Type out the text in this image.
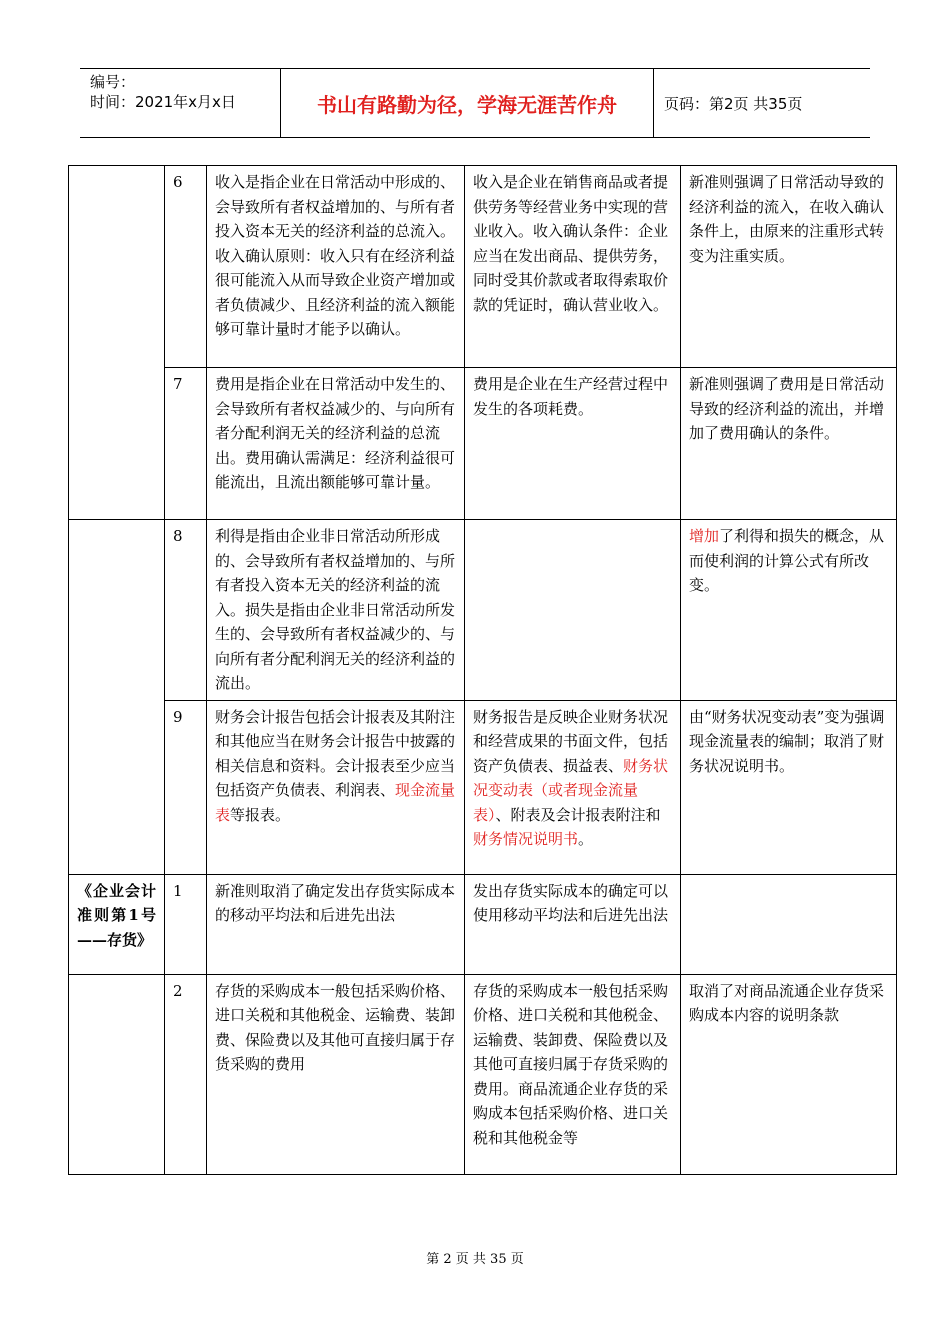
编号：
时间：2021年x月x日	书山有路勤为径，学海无涯苦作舟	页码：第2页 共35页
	6	收入是指企业在日常活动中形成的、会导致所有者权益增加的、与所有者投入资本无关的经济利益的总流入。收入确认原则：收入只有在经济利益很可能流入从而导致企业资产增加或者负债减少、且经济利益的流入额能够可靠计量时才能予以确认。	收入是企业在销售商品或者提供劳务等经营业务中实现的营业收入。收入确认条件：企业应当在发出商品、提供劳务，同时受其价款或者取得索取价款的凭证时，确认营业收入。	新准则强调了日常活动导致的经济利益的流入，在收入确认条件上，由原来的注重形式转变为注重实质。
	7	费用是指企业在日常活动中发生的、会导致所有者权益减少的、与向所有者分配利润无关的经济利益的总流出。费用确认需满足：经济利益很可能流出，且流出额能够可靠计量。	费用是企业在生产经营过程中发生的各项耗费。	新准则强调了费用是日常活动导致的经济利益的流出，并增加了费用确认的条件。
	8	利得是指由企业非日常活动所形成的、会导致所有者权益增加的、与所有者投入资本无关的经济利益的流入。损失是指由企业非日常活动所发生的、会导致所有者权益减少的、与向所有者分配利润无关的经济利益的流出。		增加了利得和损失的概念，从而使利润的计算公式有所改变。
	9	财务会计报告包括会计报表及其附注和其他应当在财务会计报告中披露的相关信息和资料。会计报表至少应当包括资产负债表、利润表、现金流量表等报表。	财务报告是反映企业财务状况和经营成果的书面文件，包括资产负债表、损益表、财务状况变动表（或者现金流量表）、附表及会计报表附注和财务情况说明书。	由“财务状况变动表”变为强调现金流量表的编制；取消了财务状况说明书。
《企业会计准则第1号——存货》	1	新准则取消了确定发出存货实际成本的移动平均法和后进先出法	发出存货实际成本的确定可以使用移动平均法和后进先出法	
	2	存货的采购成本一般包括采购价格、进口关税和其他税金、运输费、装卸费、保险费以及其他可直接归属于存货采购的费用	存货的采购成本一般包括采购价格、进口关税和其他税金、运输费、装卸费、保险费以及其他可直接归属于存货采购的费用。商品流通企业存货的采购成本包括采购价格、进口关税和其他税金等	取消了对商品流通企业存货采购成本内容的说明条款
第 2 页 共 35 页
